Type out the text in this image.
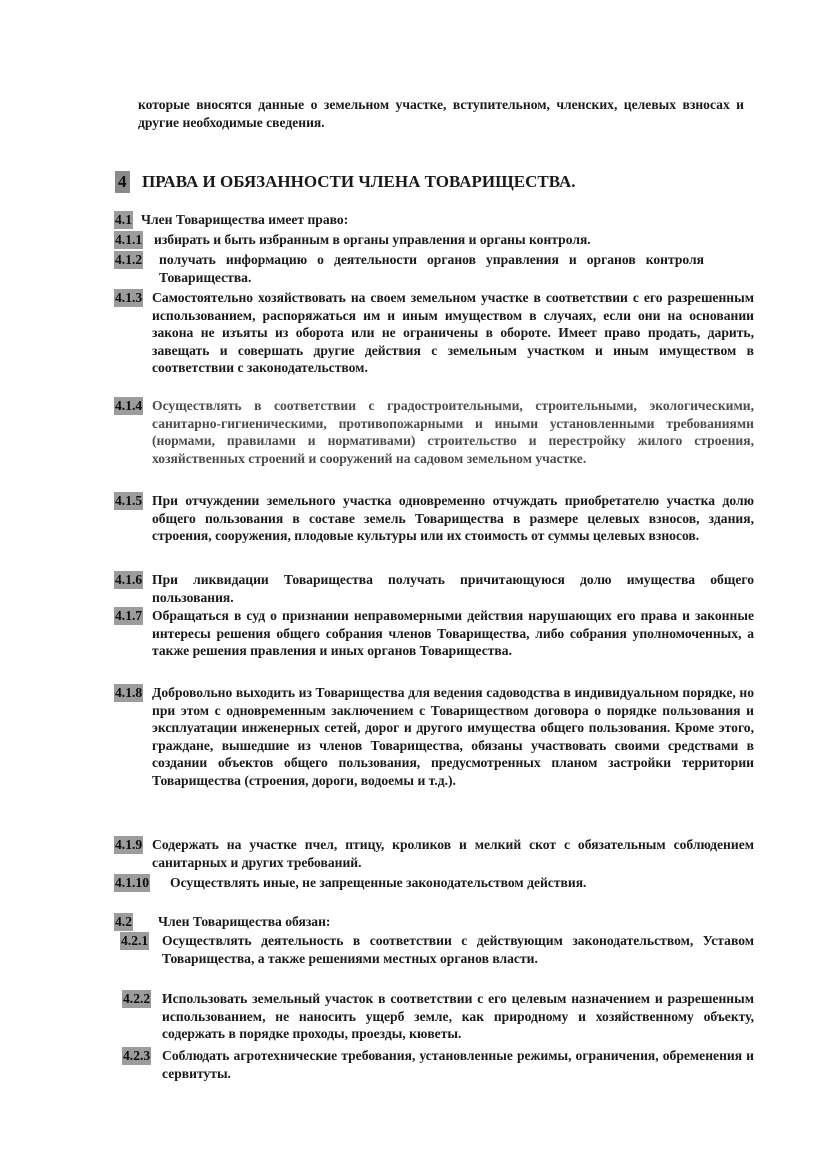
которые вносятся данные о земельном участке, вступительном, членских, целевых взносах и другие необходимые сведения.
4 ПРАВА И ОБЯЗАННОСТИ ЧЛЕНА ТОВАРИЩЕСТВА.
4.1 Член Товарищества имеет право:
4.1.1 избирать и быть избранным в органы управления и органы контроля.
4.1.2 получать информацию о деятельности органов управления и органов контроля Товарищества.
4.1.3 Самостоятельно хозяйствовать на своем земельном участке в соответствии с его разрешенным использованием, распоряжаться им и иным имуществом в случаях, если они на основании закона не изъяты из оборота или не ограничены в обороте. Имеет право продать, дарить, завещать и совершать другие действия с земельным участком и иным имуществом в соответствии с законодательством.
4.1.4 Осуществлять в соответствии с градостроительными, строительными, экологическими, санитарно-гигиеническими, противопожарными и иными установленными требованиями (нормами, правилами и нормативами) строительство и перестройку жилого строения, хозяйственных строений и сооружений на садовом земельном участке.
4.1.5 При отчуждении земельного участка одновременно отчуждать приобретателю участка долю общего пользования в составе земель Товарищества в размере целевых взносов, здания, строения, сооружения, плодовые культуры или их стоимость от суммы целевых взносов.
4.1.6 При ликвидации Товарищества получать причитающуюся долю имущества общего пользования.
4.1.7 Обращаться в суд о признании неправомерными действия нарушающих его права и законные интересы решения общего собрания членов Товарищества, либо собрания уполномоченных, а также решения правления и иных органов Товарищества.
4.1.8 Добровольно выходить из Товарищества для ведения садоводства в индивидуальном порядке, но при этом с одновременным заключением с Товариществом договора о порядке пользования и эксплуатации инженерных сетей, дорог и другого имущества общего пользования. Кроме этого, граждане, вышедшие из членов Товарищества, обязаны участвовать своими средствами в создании объектов общего пользования, предусмотренных планом застройки территории Товарищества (строения, дороги, водоемы и т.д.).
4.1.9 Содержать на участке пчел, птицу, кроликов и мелкий скот с обязательным соблюдением санитарных и других требований.
4.1.10 Осуществлять иные, не запрещенные законодательством действия.
4.2	Член Товарищества обязан:
4.2.1 Осуществлять деятельность в соответствии с действующим законодательством, Уставом Товарищества, а также решениями местных органов власти.
4.2.2 Использовать земельный участок в соответствии с его целевым назначением и разрешенным использованием, не наносить ущерб земле, как природному и хозяйственному объекту, содержать в порядке проходы, проезды, кюветы.
4.2.3 Соблюдать агротехнические требования, установленные режимы, ограничения, обременения и сервитуты.
